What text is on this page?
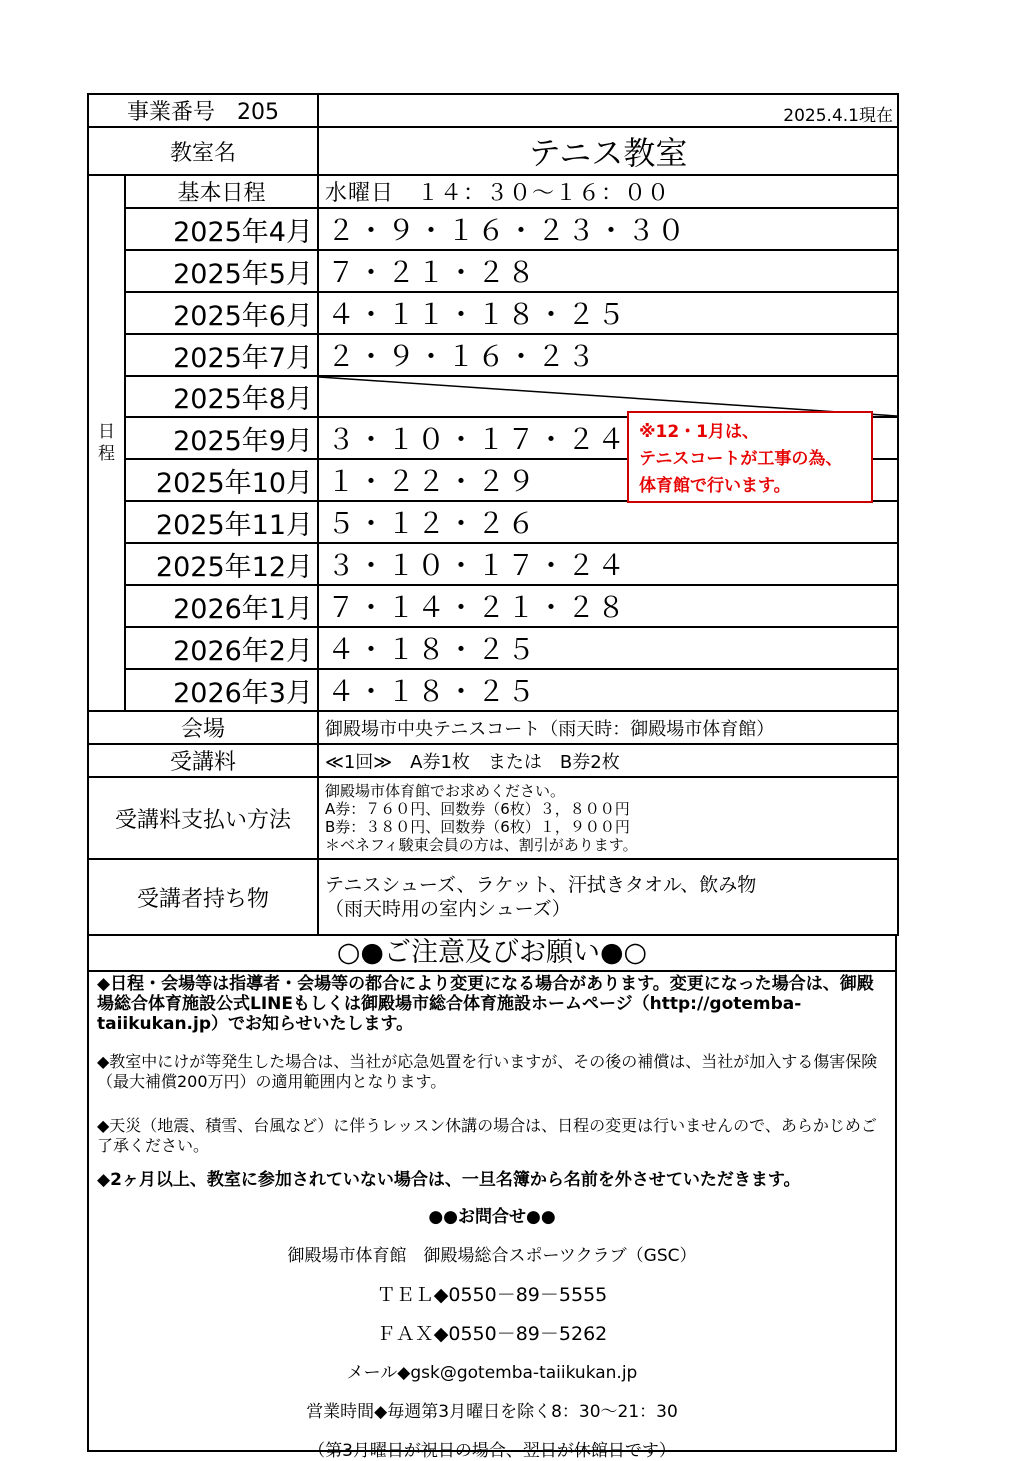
事業番号　205		2025.4.1現在
教室名		テニス教室

日程	基本日程	水曜日　１４：３０～１６：００
	2025年4月	２・９・１６・２３・３０
	2025年5月	７・２１・２８
	2025年6月	４・１１・１８・２５
	2025年7月	２・９・１６・２３
	2025年8月	

	2025年9月	３・１０・１７・２４
	2025年10月	１・２２・２９
	2025年11月	５・１２・２６
	2025年12月	３・１０・１７・２４
	2026年1月	７・１４・２１・２８
	2026年2月	４・１８・２５
	2026年3月	４・１８・２５
会場		御殿場市中央テニスコート（雨天時：御殿場市体育館）
受講料		≪1回≫　A券1枚　または　B券2枚
受講料支払い方法		御殿場市体育館でお求めください。
A券：７６０円、回数券（6枚）３，８００円
B券：３８０円、回数券（6枚）１，９００円
＊ベネフィ駿東会員の方は、割引があります。

受講者持ち物		テニスシューズ、ラケット、汗拭きタオル、飲み物
（雨天時用の室内シューズ）
○●ご注意及びお願い●○
◆日程・会場等は指導者・会場等の都合により変更になる場合があります。変更になった場合は、御殿場総合体育施設公式LINEもしくは御殿場市総合体育施設ホームページ（http://gotemba-taiikukan.jp）でお知らせいたします。
◆教室中にけが等発生した場合は、当社が応急処置を行いますが、その後の補償は、当社が加入する傷害保険（最大補償200万円）の適用範囲内となります。
◆天災（地震、積雪、台風など）に伴うレッスン休講の場合は、日程の変更は行いませんので、あらかじめご了承ください。
◆2ヶ月以上、教室に参加されていない場合は、一旦名簿から名前を外させていただきます。
●●お問合せ●●
御殿場市体育館　御殿場総合スポーツクラブ（GSC）
ＴＥＬ◆0550－89－5555
ＦＡＸ◆0550－89－5262
メール◆gsk@gotemba-taiikukan.jp
営業時間◆毎週第3月曜日を除く8：30～21：30
（第3月曜日が祝日の場合、翌日が休館日です）
※12・1月は、
テニスコートが工事の為、
体育館で行います。
